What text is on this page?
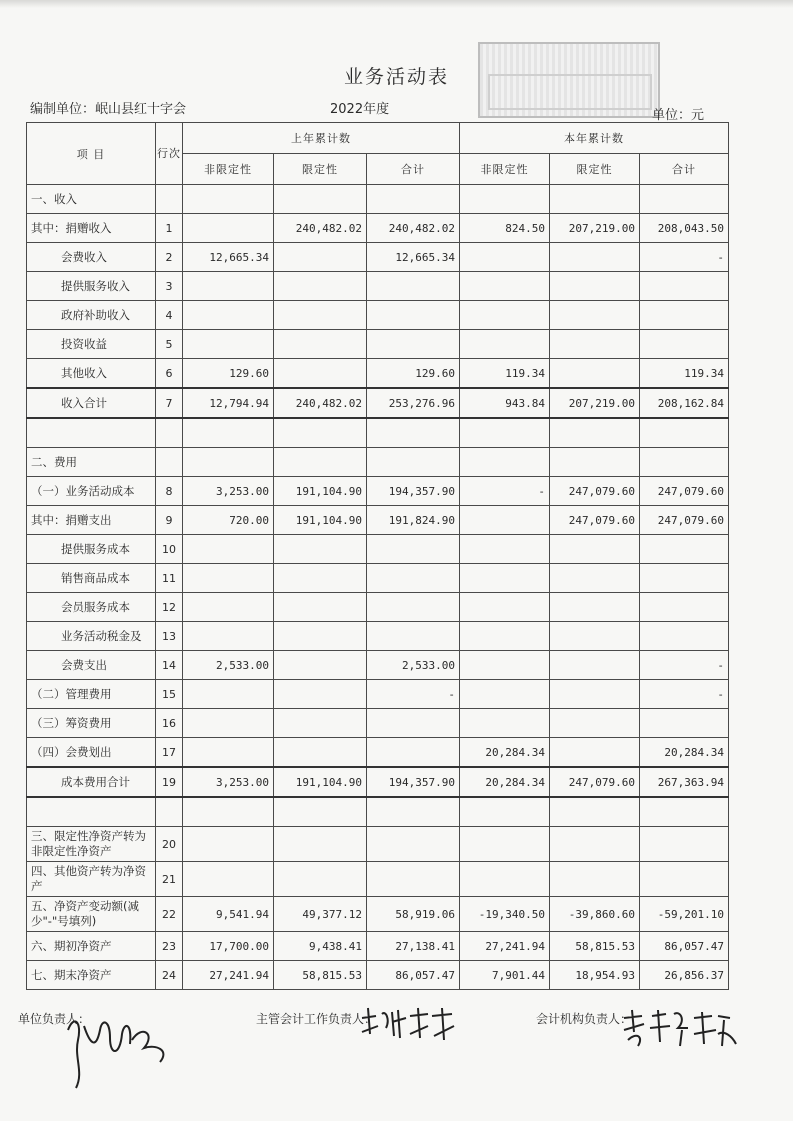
业务活动表
编制单位：岷山县红十字会	2022年度	单位：元
项 目	行次	上年累计数			本年累计数		
		非限定性	限定性	合计	非限定性	限定性	合计
一、收入							
其中：捐赠收入	1		240,482.02	240,482.02	824.50	207,219.00	208,043.50
会费收入	2	12,665.34		12,665.34			-
提供服务收入	3						
政府补助收入	4						
投资收益	5						
其他收入	6	129.60		129.60	119.34		119.34
收入合计	7	12,794.94	240,482.02	253,276.96	943.84	207,219.00	208,162.84

二、费用							
（一）业务活动成本	8	3,253.00	191,104.90	194,357.90	-	247,079.60	247,079.60
其中：捐赠支出	9	720.00	191,104.90	191,824.90		247,079.60	247,079.60
提供服务成本	10						
销售商品成本	11						
会员服务成本	12						
业务活动税金及	13						
会费支出	14	2,533.00		2,533.00			-
（二）管理费用	15			-			-
（三）筹资费用	16						
（四）会费划出	17				20,284.34		20,284.34
成本费用合计	19	3,253.00	191,104.90	194,357.90	20,284.34	247,079.60	267,363.94

三、限定性净资产转为非限定性净资产	20						
四、其他资产转为净资产	21						
五、净资产变动额(减少"-"号填列)	22	9,541.94	49,377.12	58,919.06	-19,340.50	-39,860.60	-59,201.10
六、期初净资产	23	17,700.00	9,438.41	27,138.41	27,241.94	58,815.53	86,057.47
七、期末净资产	24	27,241.94	58,815.53	86,057.47	7,901.44	18,954.93	26,856.37
单位负责人：	主管会计工作负责人：	会计机构负责人：
